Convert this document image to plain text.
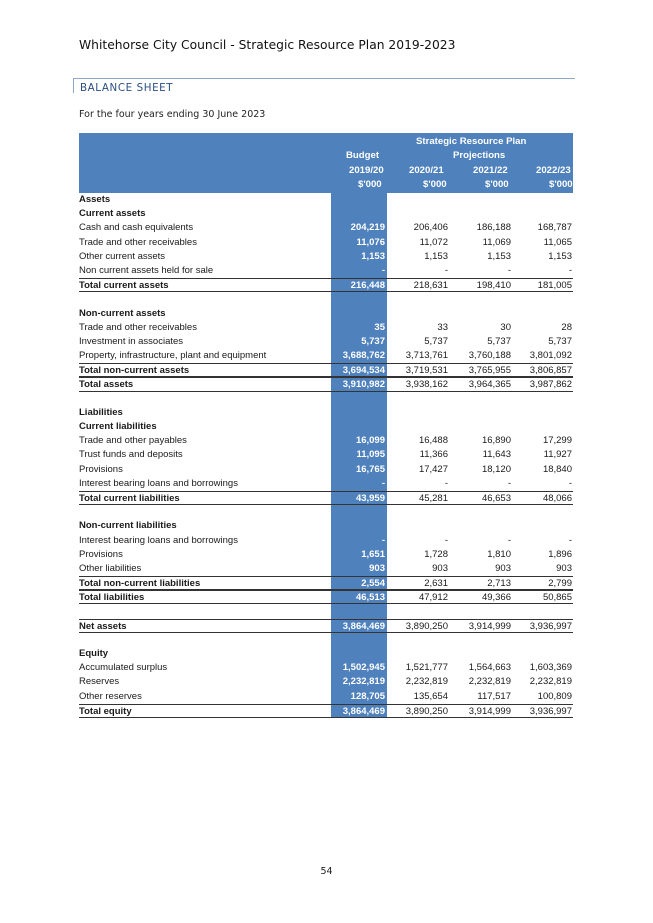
Whitehorse City Council - Strategic Resource Plan 2019-2023
BALANCE SHEET
For the four years ending 30 June 2023
Strategic Resource Plan
Projections
Budget
2019/20	2020/21	2021/22	2022/23
$'000	$'000	$'000	$'000
Assets
Current assets
Cash and cash equivalents	204,219	206,406	186,188	168,787
Trade and other receivables	11,076	11,072	11,069	11,065
Other current assets	1,153	1,153	1,153	1,153
Non current assets held for sale	-	-	-	-
Total current assets	216,448	218,631	198,410	181,005
Non-current assets
Trade and other receivables	35	33	30	28
Investment in associates	5,737	5,737	5,737	5,737
Property, infrastructure, plant and equipment	3,688,762	3,713,761	3,760,188	3,801,092
Total non-current assets	3,694,534	3,719,531	3,765,955	3,806,857
Total assets	3,910,982	3,938,162	3,964,365	3,987,862
Liabilities
Current liabilities
Trade and other payables	16,099	16,488	16,890	17,299
Trust funds and deposits	11,095	11,366	11,643	11,927
Provisions	16,765	17,427	18,120	18,840
Interest bearing loans and borrowings	-	-	-	-
Total current liabilities	43,959	45,281	46,653	48,066
Non-current liabilities
Interest bearing loans and borrowings	-	-	-	-
Provisions	1,651	1,728	1,810	1,896
Other liabilities	903	903	903	903
Total non-current liabilities	2,554	2,631	2,713	2,799
Total liabilities	46,513	47,912	49,366	50,865
Net assets	3,864,469	3,890,250	3,914,999	3,936,997
Equity
Accumulated surplus	1,502,945	1,521,777	1,564,663	1,603,369
Reserves	2,232,819	2,232,819	2,232,819	2,232,819
Other reserves	128,705	135,654	117,517	100,809
Total equity	3,864,469	3,890,250	3,914,999	3,936,997
54
